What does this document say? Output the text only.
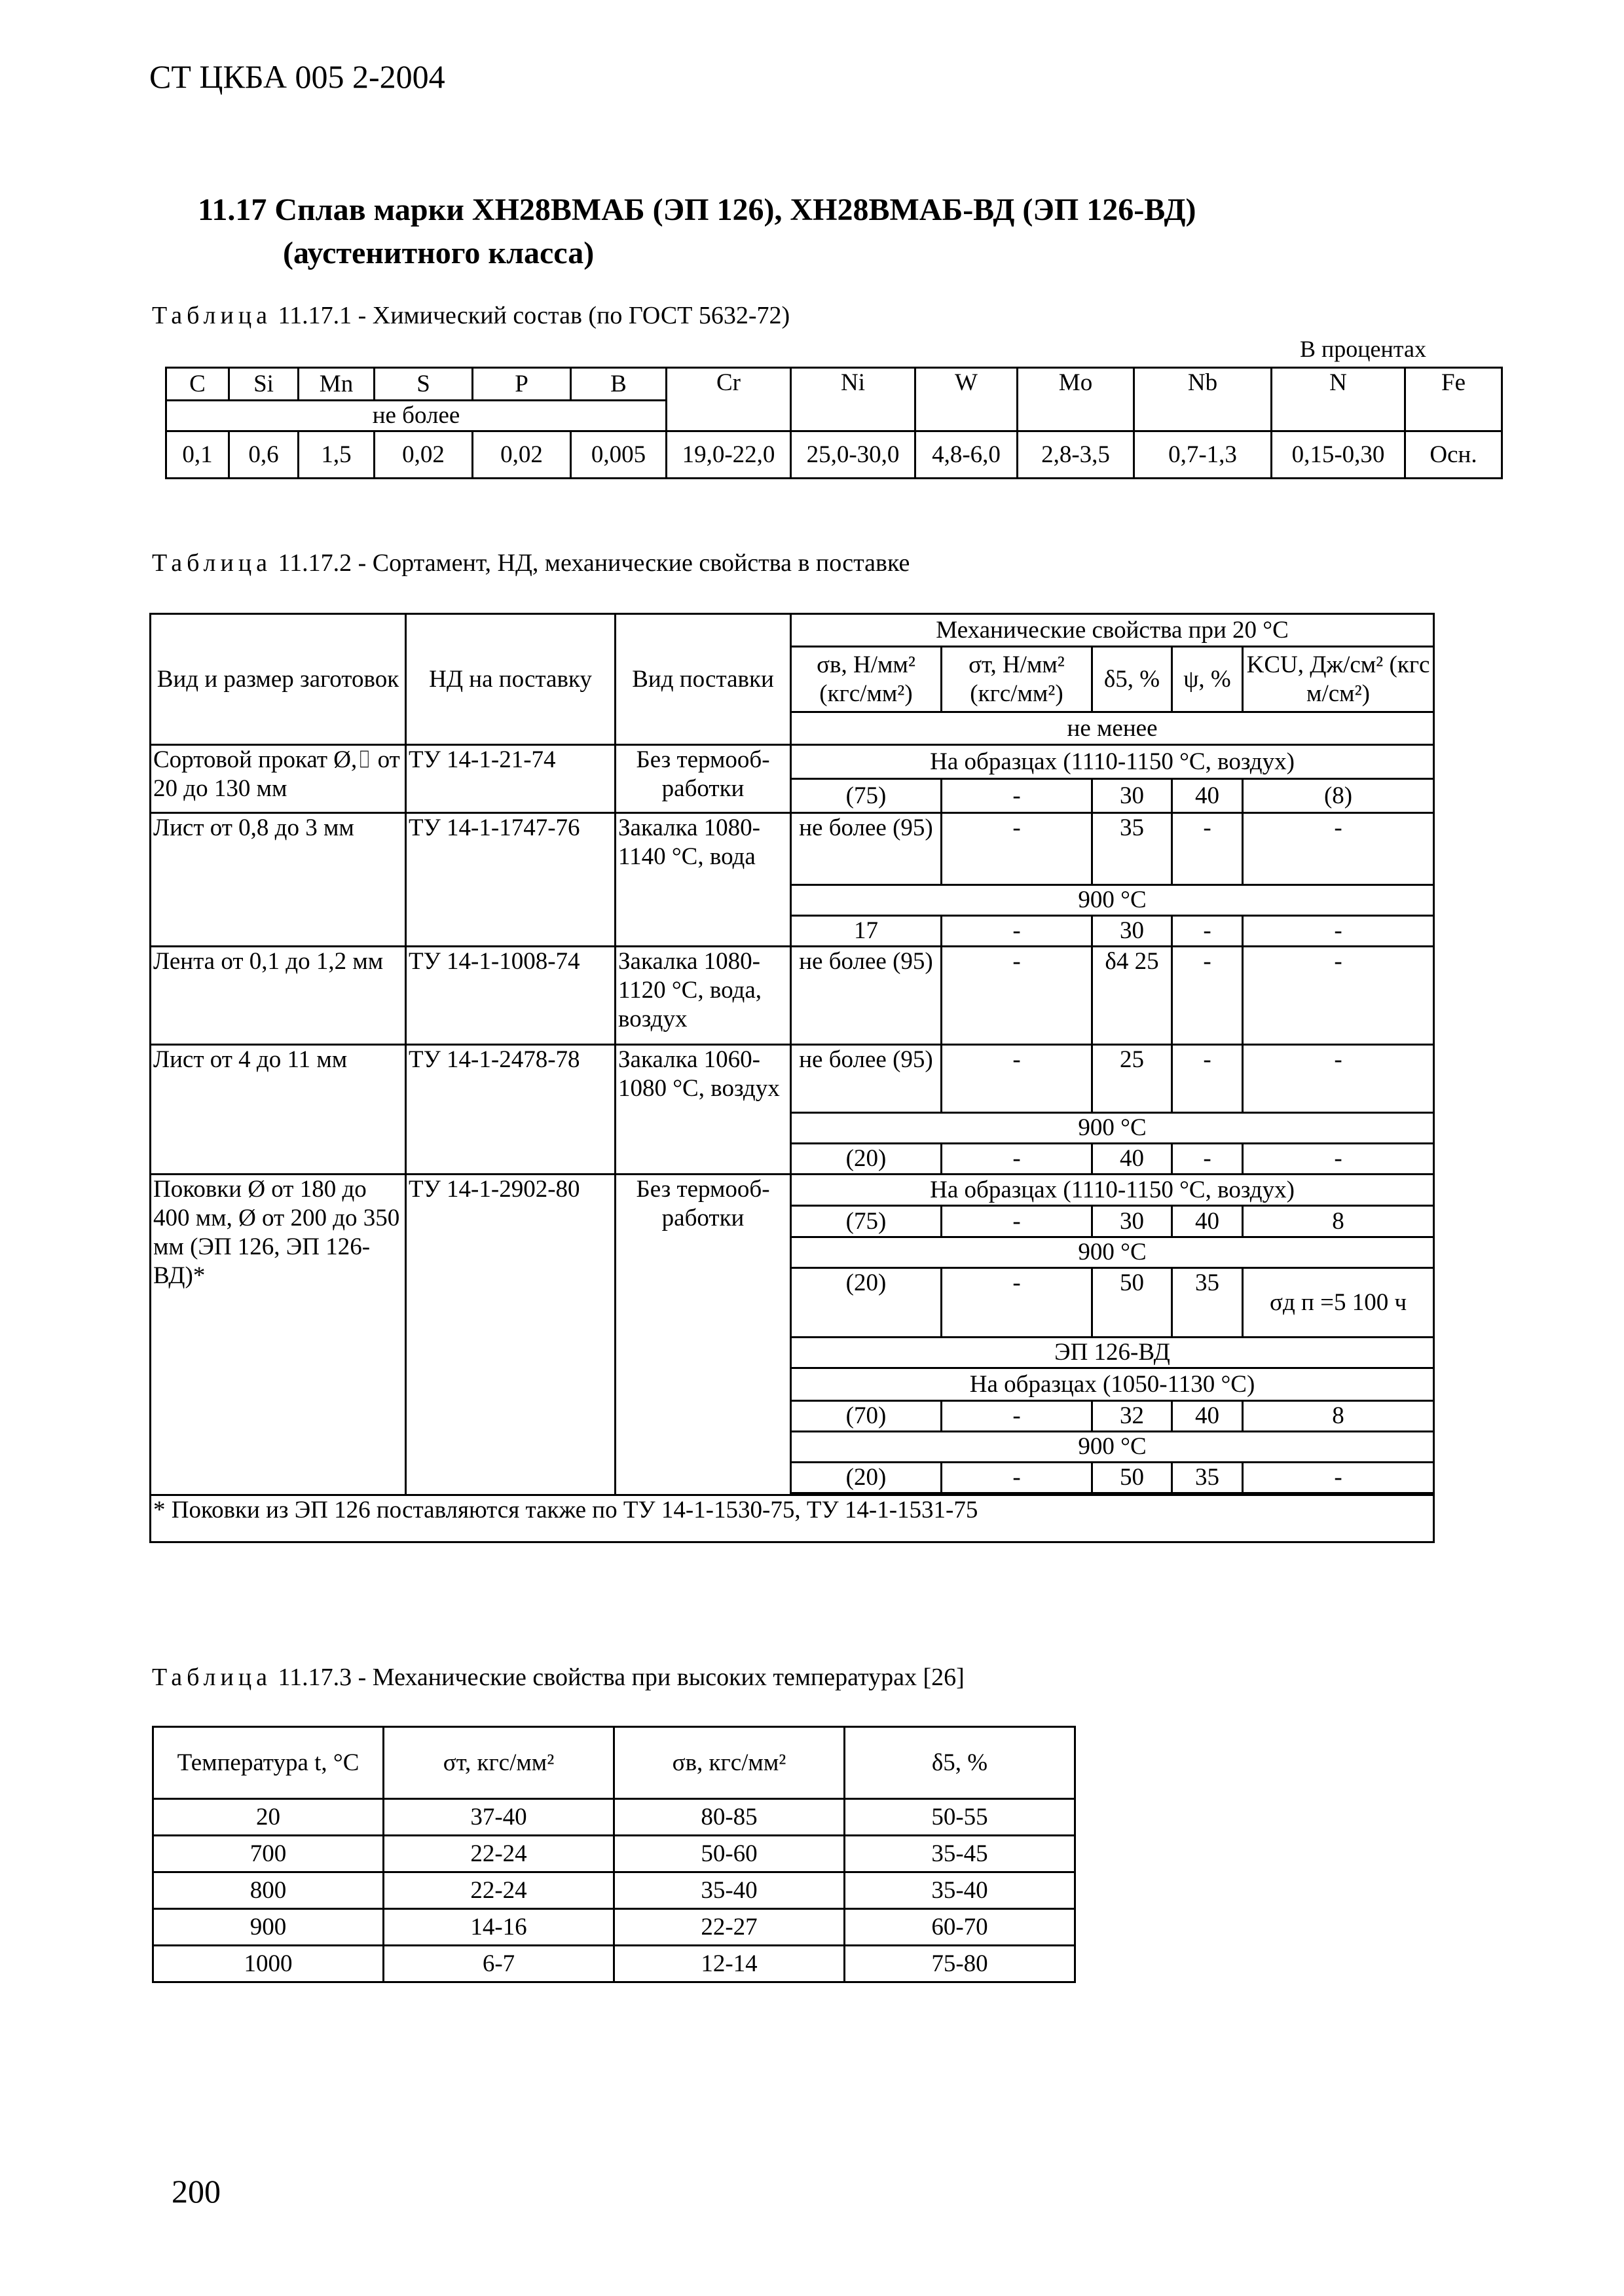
СТ ЦКБА 005 2-2004
11.17 Сплав марки ХН28ВМАБ (ЭП 126), ХН28ВМАБ-ВД (ЭП 126-ВД)
(аустенитного класса)
Таблица 11.17.1 - Химический состав (по ГОСТ 5632-72)
В процентах
C	Si	Mn	S	P	B	Cr	Ni	W	Mo	Nb	N	Fe
не более												
0,1	0,6	1,5	0,02	0,02	0,005	19,0-22,0	25,0-30,0	4,8-6,0	2,8-3,5	0,7-1,3	0,15-0,30	Осн.
Таблица 11.17.2 - Сортамент, НД, механические свойства в поставке
Вид и размер заготовок	НД на поставку	Вид поставки	Механические свойства при 20 °С				
			σв, Н/мм² (кгс/мм²)	σт, Н/мм² (кгс/мм²)	δ5, %	ψ, %	KCU, Дж/см² (кгс м/см²)
			не менее				
Сортовой прокат Ø,⌷ от 20 до 130 мм	ТУ 14-1-21-74	Без термооб-работки	На образцах (1110-1150 °С, воздух)				
			(75)	-	30	40	(8)
Лист от 0,8 до 3 мм	ТУ 14-1-1747-76	Закалка 1080-1140 °С, вода	не более (95)	-	35	-	-
			900 °С				
			17	-	30	-	-
Лента от 0,1 до 1,2 мм	ТУ 14-1-1008-74	Закалка 1080-1120 °С, вода, воздух	не более (95)	-	δ4 25	-	-
Лист от 4 до 11 мм	ТУ 14-1-2478-78	Закалка 1060-1080 °С, воздух	не более (95)	-	25	-	-
			900 °С				
			(20)	-	40	-	-
Поковки Ø от 180 до 400 мм, Ø от 200 до 350 мм (ЭП 126, ЭП 126-ВД)*	ТУ 14-1-2902-80	Без термооб-работки	На образцах (1110-1150 °С, воздух)				
			(75)	-	30	40	8
			900 °С				
			(20)	-	50	35	σд п =5 100 ч
			ЭП 126-ВД				
			На образцах (1050-1130 °С)				
			(70)	-	32	40	8
			900 °С				
			(20)	-	50	35	-

* Поковки из ЭП 126 поставляются также по ТУ 14-1-1530-75, ТУ 14-1-1531-75							
Таблица 11.17.3 - Механические свойства при высоких температурах [26]
Температура t, °С	σт, кгс/мм²	σв, кгс/мм²	δ5, %
20	37-40	80-85	50-55
700	22-24	50-60	35-45
800	22-24	35-40	35-40
900	14-16	22-27	60-70
1000	6-7	12-14	75-80
200
